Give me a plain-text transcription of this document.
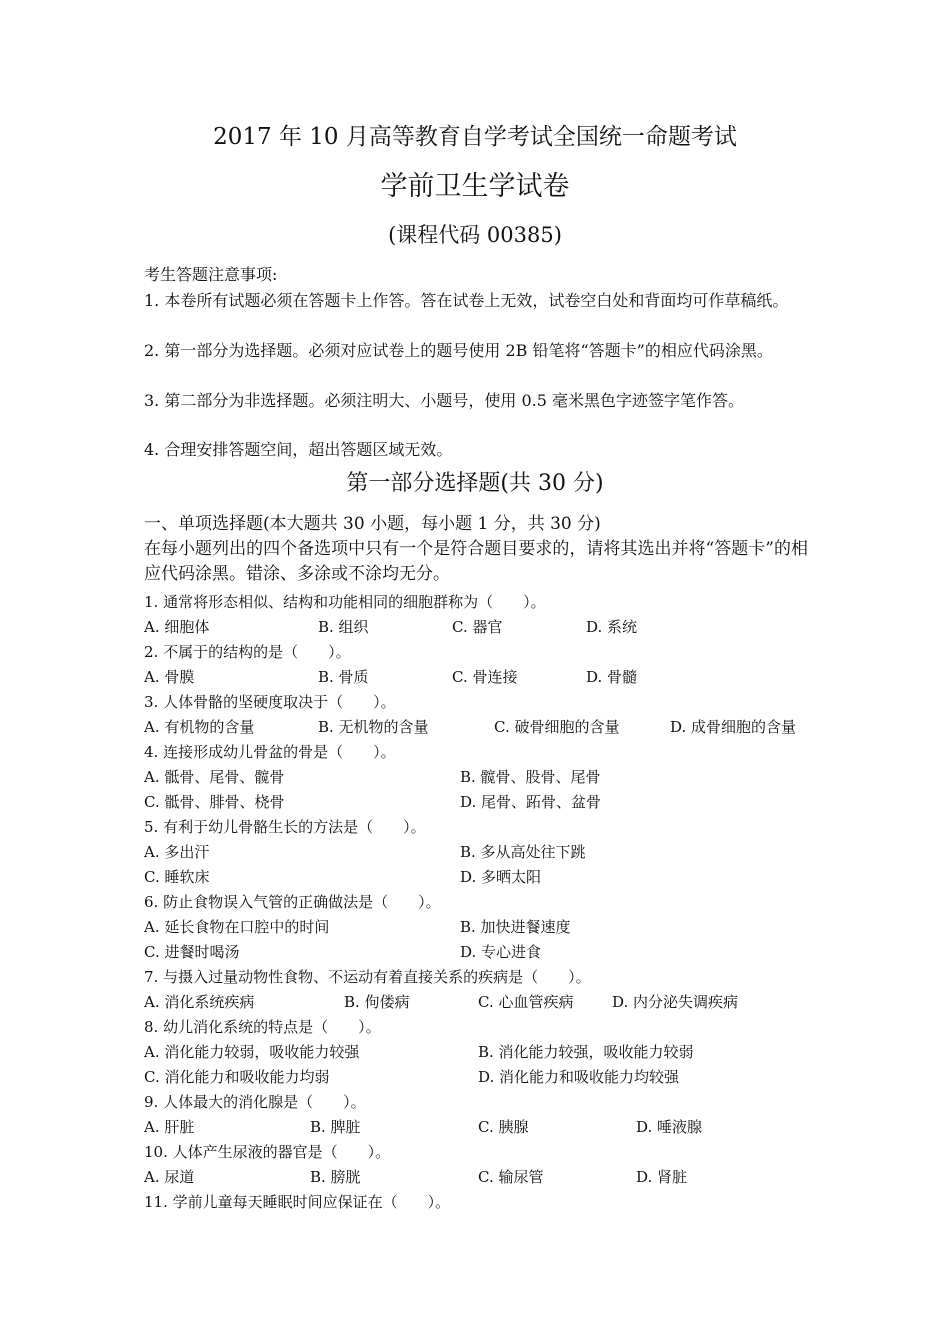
2017 年 10 月高等教育自学考试全国统一命题考试
学前卫生学试卷
(课程代码 00385)
考生答题注意事项:
1. 本卷所有试题必须在答题卡上作答。答在试卷上无效，试卷空白处和背面均可作草稿纸。
2. 第一部分为选择题。必须对应试卷上的题号使用 2B 铅笔将“答题卡”的相应代码涂黑。
3. 第二部分为非选择题。必须注明大、小题号，使用 0.5 毫米黑色字迹签字笔作答。
4. 合理安排答题空间，超出答题区域无效。
第一部分选择题(共 30 分)
一、单项选择题(本大题共 30 小题，每小题 1 分，共 30 分)
在每小题列出的四个备选项中只有一个是符合题目要求的，请将其选出并将“答题卡”的相应代码涂黑。错涂、多涂或不涂均无分。
1. 通常将形态相似、结构和功能相同的细胞群称为（　　）。
A. 细胞体	B. 组织	C. 器官	D. 系统
2. 不属于的结构的是（　　）。
A. 骨膜	B. 骨质	C. 骨连接	D. 骨髓
3. 人体骨骼的坚硬度取决于（　　）。
A. 有机物的含量	B. 无机物的含量	C. 破骨细胞的含量	D. 成骨细胞的含量
4. 连接形成幼儿骨盆的骨是（　　）。
A. 骶骨、尾骨、髋骨	B. 髋骨、股骨、尾骨
C. 骶骨、腓骨、桡骨	D. 尾骨、跖骨、盆骨
5. 有利于幼儿骨骼生长的方法是（　　）。
A. 多出汗	B. 多从高处往下跳
C. 睡软床	D. 多晒太阳
6. 防止食物误入气管的正确做法是（　　）。
A. 延长食物在口腔中的时间	B. 加快进餐速度
C. 进餐时喝汤	D. 专心进食
7. 与摄入过量动物性食物、不运动有着直接关系的疾病是（　　）。
A. 消化系统疾病	B. 佝偻病	C. 心血管疾病	D. 内分泌失调疾病
8. 幼儿消化系统的特点是（　　）。
A. 消化能力较弱，吸收能力较强	B. 消化能力较强，吸收能力较弱
C. 消化能力和吸收能力均弱	D. 消化能力和吸收能力均较强
9. 人体最大的消化腺是（　　）。
A. 肝脏	B. 脾脏	C. 胰腺	D. 唾液腺
10. 人体产生尿液的器官是（　　）。
A. 尿道	B. 膀胱	C. 输尿管	D. 肾脏
11. 学前儿童每天睡眠时间应保证在（　　）。
